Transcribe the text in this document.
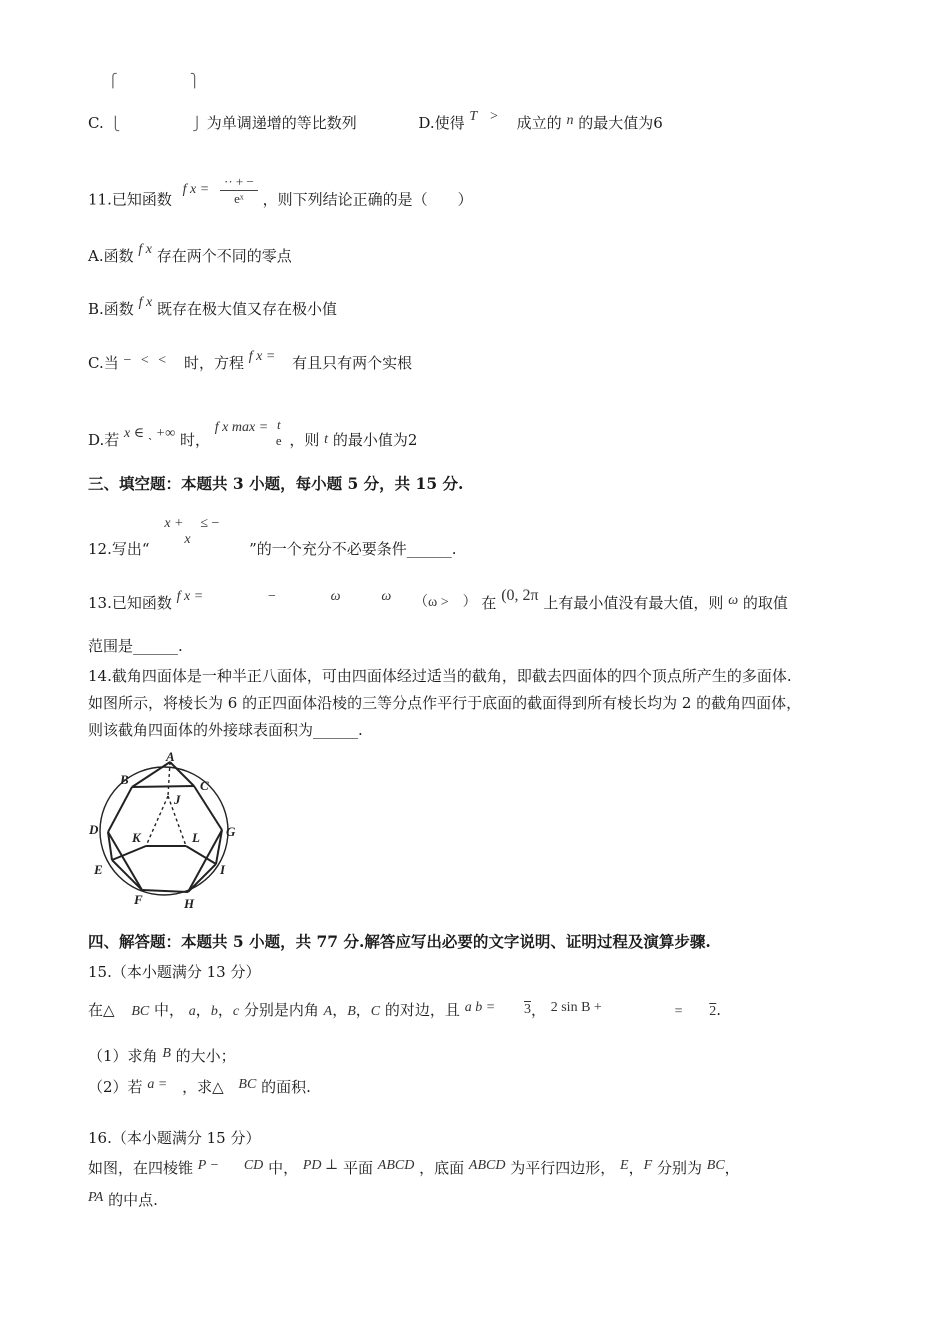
⎧	⎫
C. ⎩	⎭ 为单调递增的等比数列	D.使得 T > 成立的 n 的最大值为6
11.已知函数 f $x = \frac{\cdot\cdot + -}{\text{eˣ}}$ ，则下列结论正确的是（　　）
A.函数 f x 存在两个不同的零点
B.函数 f x 既存在极大值又存在极小值
C.当 − < < 时，方程 f x = 有且只有两个实根
D.若 x ∈ ˎ +∞ 时， f x max = t
e ，则 t 的最小值为2
三、填空题：本题共 3 小题，每小题 5 分，共 15 分.
12.写出“
x + ≤ −
x
”的一个充分不必要条件______.
13.已知函数 f x =	−	ω	ω （ω >　） 在 (0, 2π 上有最小值没有最大值，则 ω 的取值
范围是______.
14.截角四面体是一种半正八面体，可由四面体经过适当的截角，即截去四面体的四个顶点所产生的多面体.
如图所示，将棱长为 6 的正四面体沿棱的三等分点作平行于底面的截面得到所有棱长均为 2 的截角四面体，
则该截角四面体的外接球表面积为______.
A
B	C
J
D
K	L G
E	I
F	H
四、解答题：本题共 5 小题，共 77 分.解答应写出必要的文字说明、证明过程及演算步骤.
15.（本小题满分 13 分）
在△ BC 中， a，b，c 分别是内角 A，B，C 的对边，且 a b = 3， 2 sin B +	= 2.
（1）求角 B 的大小；
（2）若 a = ，求△ BC 的面积.
16.（本小题满分 15 分）
如图，在四棱锥 P − CD 中， PD ⊥ 平面 ABCD ，底面 ABCD 为平行四边形， E，F 分别为 BC，
PA 的中点.
